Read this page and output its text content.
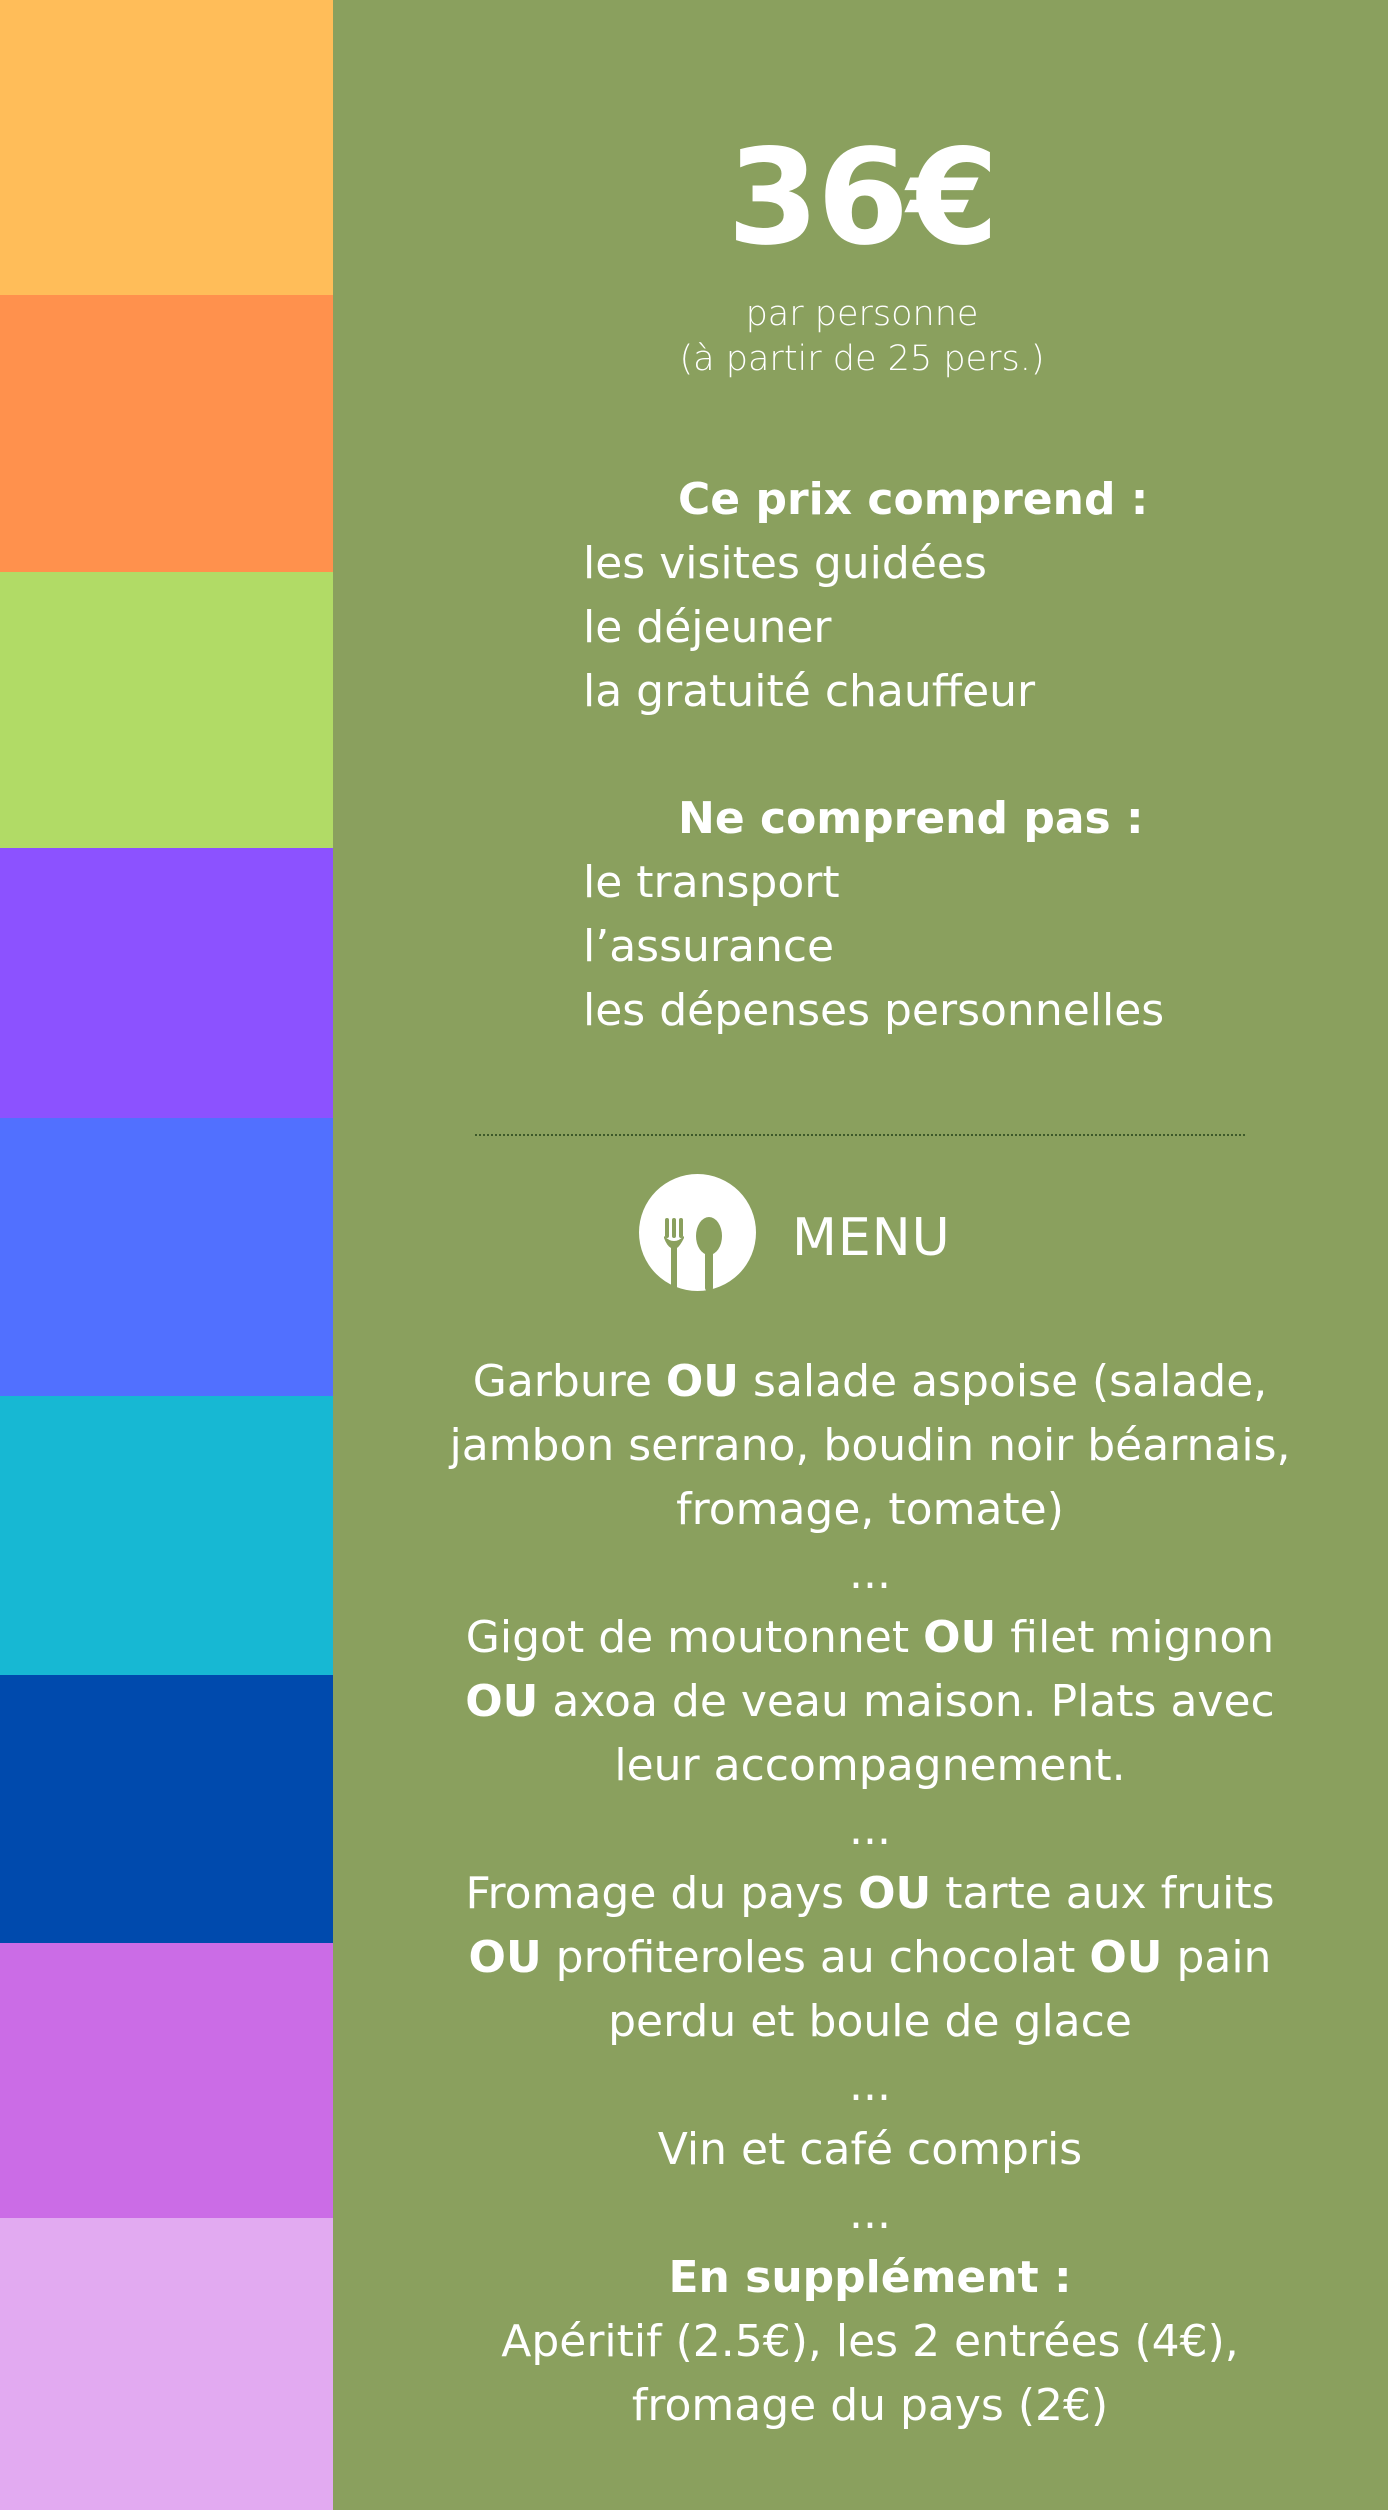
36€
par personne
(à partir de 25 pers.)
Ce prix comprend :
les visites guidées
le déjeuner
la gratuité chauffeur
Ne comprend pas :
le transport
l’assurance
les dépenses personnelles
MENU
Garbure OU salade aspoise (salade,
jambon serrano, boudin noir béarnais,
fromage, tomate)
...
Gigot de moutonnet OU filet mignon
OU axoa de veau maison. Plats avec
leur accompagnement.
...
Fromage du pays OU tarte aux fruits
OU profiteroles au chocolat OU pain
perdu et boule de glace
...
Vin et café compris
...
En supplément :
Apéritif (2.5€), les 2 entrées (4€),
fromage du pays (2€)
